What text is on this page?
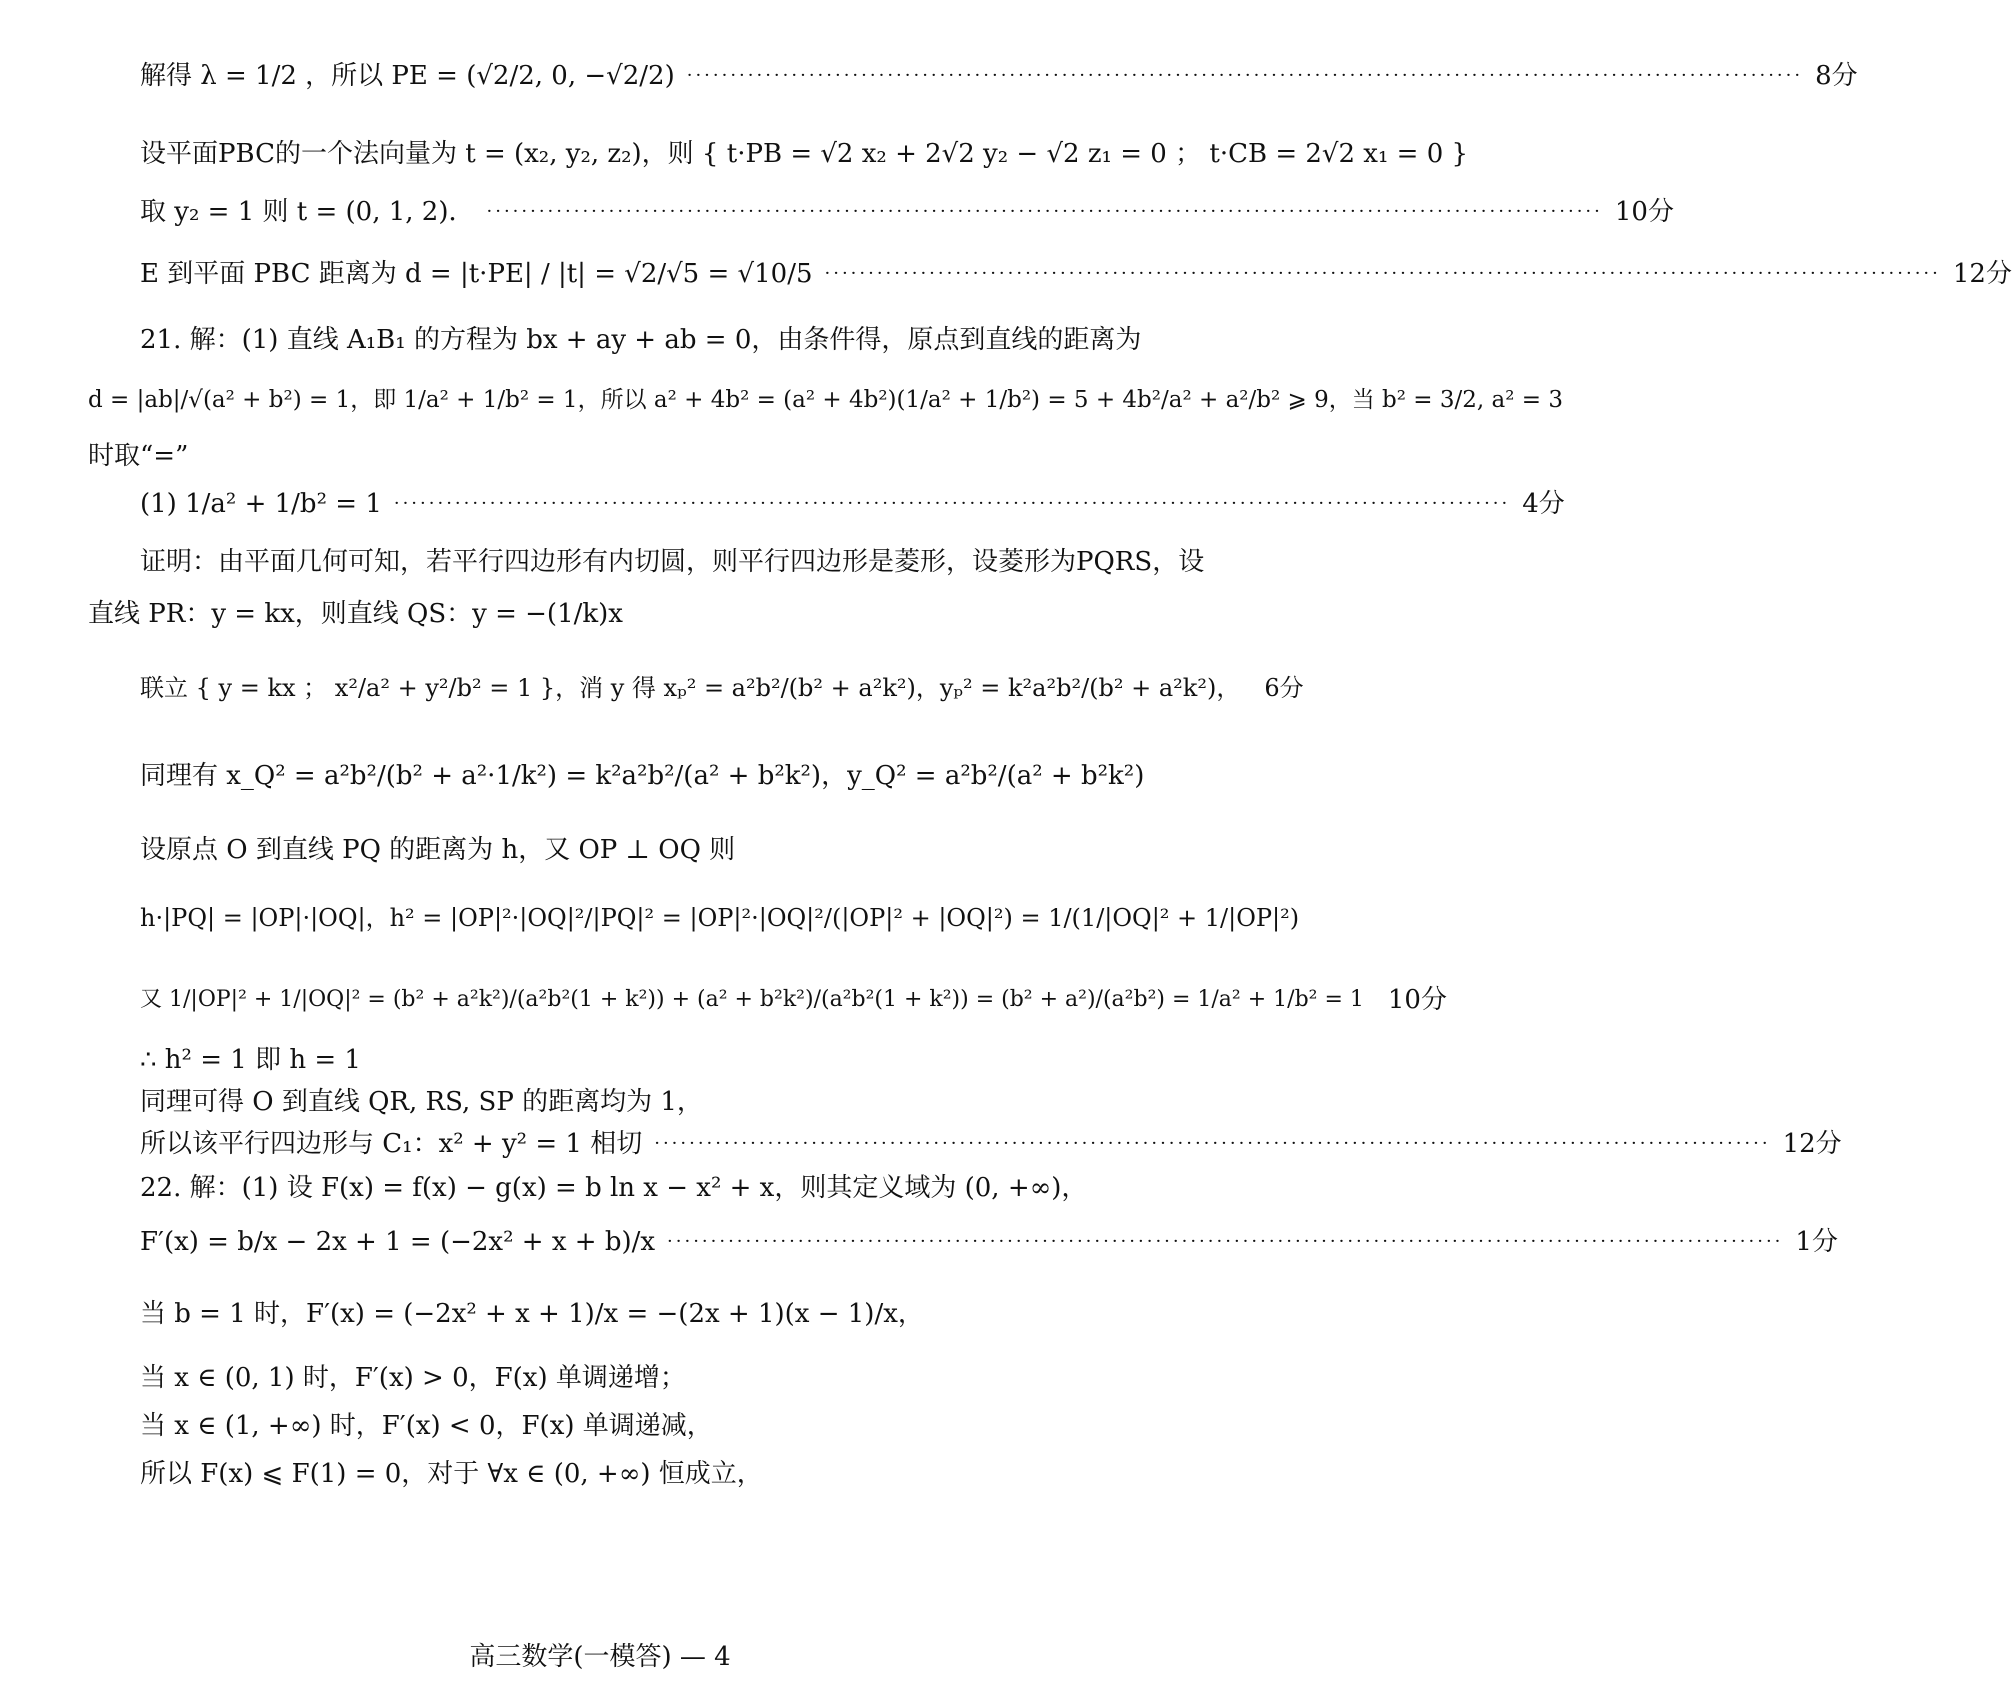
解得 λ = 1/2 ，所以 PE = (√2/2, 0, −√2/2) ·····	8分
设平面PBC的一个法向量为 t = (x₂, y₂, z₂)，则 { t·PB = √2 x₂ + 2√2 y₂ − √2 z₁ = 0 ； t·CB = 2√2 x₁ = 0 }
取 y₂ = 1 则 t = (0, 1, 2)． ·····	10分
E 到平面 PBC 距离为 d = |t·PE| / |t| = √2/√5 = √10/5 ·····	12分
21. 解：(1) 直线 A₁B₁ 的方程为 bx + ay + ab = 0，由条件得，原点到直线的距离为
d = |ab|/√(a² + b²) = 1，即 1/a² + 1/b² = 1，所以 a² + 4b² = (a² + 4b²)(1/a² + 1/b²) = 5 + 4b²/a² + a²/b² ⩾ 9，当 b² = 3/2, a² = 3
时取“=”
(1) 1/a² + 1/b² = 1 ·····	4分
证明：由平面几何可知，若平行四边形有内切圆，则平行四边形是菱形，设菱形为PQRS，设
直线 PR：y = kx，则直线 QS：y = −(1/k)x
联立 { y = kx ； x²/a² + y²/b² = 1 }，消 y 得 xₚ² = a²b²/(b² + a²k²)，yₚ² = k²a²b²/(b² + a²k²)， 6分
同理有 x_Q² = a²b²/(b² + a²·1/k²) = k²a²b²/(a² + b²k²)，y_Q² = a²b²/(a² + b²k²)
设原点 O 到直线 PQ 的距离为 h，又 OP ⊥ OQ 则
h·|PQ| = |OP|·|OQ|，h² = |OP|²·|OQ|²/|PQ|² = |OP|²·|OQ|²/(|OP|² + |OQ|²) = 1/(1/|OQ|² + 1/|OP|²)
又 1/|OP|² + 1/|OQ|² = (b² + a²k²)/(a²b²(1 + k²)) + (a² + b²k²)/(a²b²(1 + k²)) = (b² + a²)/(a²b²) = 1/a² + 1/b² = 1 10分
∴ h² = 1 即 h = 1
同理可得 O 到直线 QR, RS, SP 的距离均为 1，
所以该平行四边形与 C₁：x² + y² = 1 相切 ·····	12分
22. 解：(1) 设 F(x) = f(x) − g(x) = b ln x − x² + x，则其定义域为 (0, +∞)，
F′(x) = b/x − 2x + 1 = (−2x² + x + b)/x ·····	1分
当 b = 1 时，F′(x) = (−2x² + x + 1)/x = −(2x + 1)(x − 1)/x，
当 x ∈ (0, 1) 时，F′(x) > 0，F(x) 单调递增；
当 x ∈ (1, +∞) 时，F′(x) < 0，F(x) 单调递减，
所以 F(x) ⩽ F(1) = 0，对于 ∀x ∈ (0, +∞) 恒成立，
高三数学(一模答) — 4
